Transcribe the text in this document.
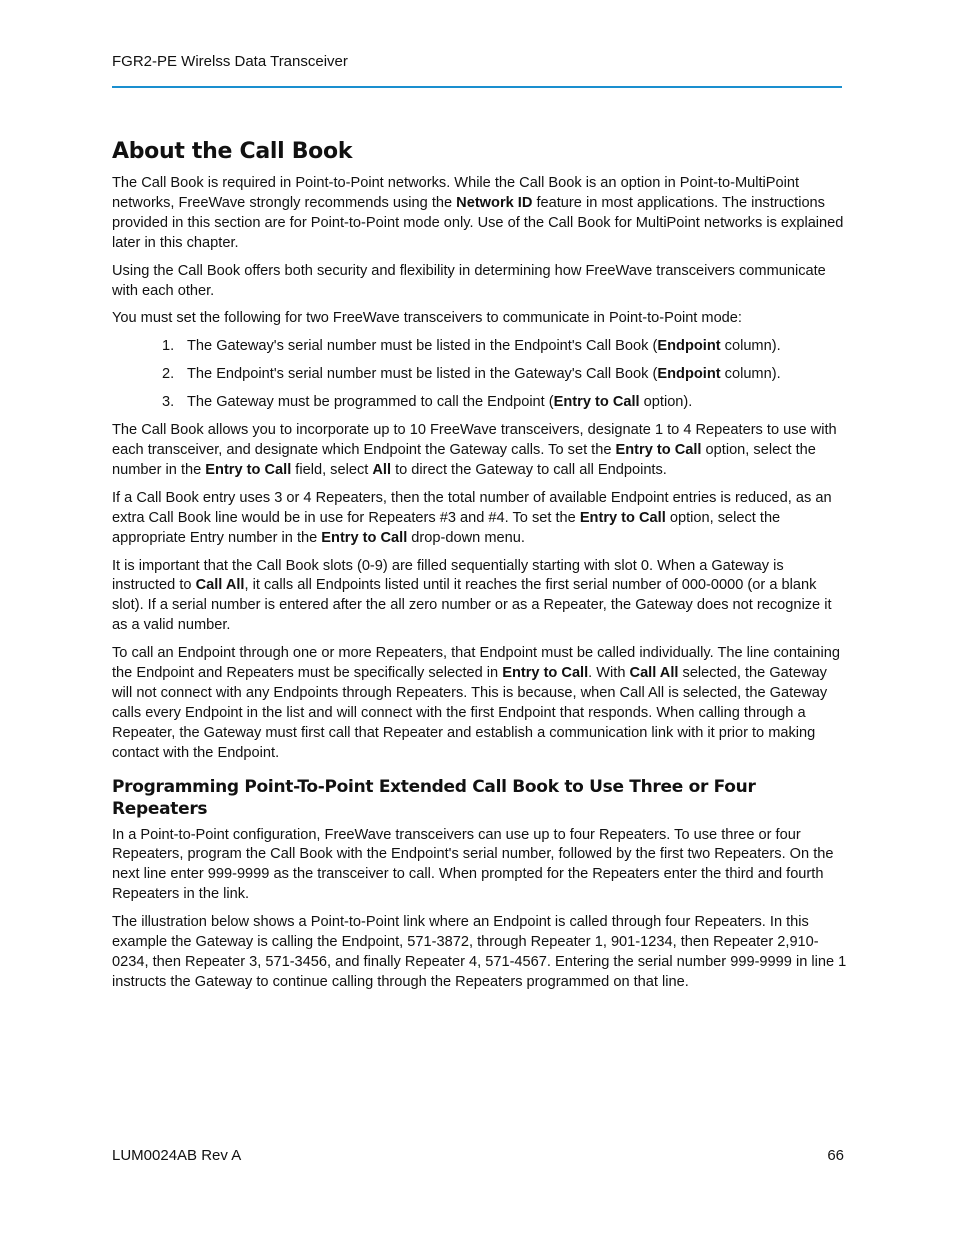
FGR2-PE Wirelss Data Transceiver
About the Call Book

The Call Book is required in Point-to-Point networks. While the Call Book is an option in Point-to-MultiPoint networks, FreeWave strongly recommends using the Network ID feature in most applications. The instructions provided in this section are for Point-to-Point mode only. Use of the Call Book for MultiPoint networks is explained later in this chapter.

Using the Call Book offers both security and flexibility in determining how FreeWave transceivers communicate with each other.

You must set the following for two FreeWave transceivers to communicate in Point-to-Point mode:

1. The Gateway's serial number must be listed in the Endpoint's Call Book (Endpoint column).
2. The Endpoint's serial number must be listed in the Gateway's Call Book (Endpoint column).
3. The Gateway must be programmed to call the Endpoint (Entry to Call option).

The Call Book allows you to incorporate up to 10 FreeWave transceivers, designate 1 to 4 Repeaters to use with each transceiver, and designate which Endpoint the Gateway calls. To set the Entry to Call option, select the number in the Entry to Call field, select All to direct the Gateway to call all Endpoints.

If a Call Book entry uses 3 or 4 Repeaters, then the total number of available Endpoint entries is reduced, as an extra Call Book line would be in use for Repeaters #3 and #4. To set the Entry to Call option, select the appropriate Entry number in the Entry to Call drop-down menu.

It is important that the Call Book slots (0-9) are filled sequentially starting with slot 0. When a Gateway is instructed to Call All, it calls all Endpoints listed until it reaches the first serial number of 000-0000 (or a blank slot). If a serial number is entered after the all zero number or as a Repeater, the Gateway does not recognize it as a valid number.

To call an Endpoint through one or more Repeaters, that Endpoint must be called individually. The line containing the Endpoint and Repeaters must be specifically selected in Entry to Call. With Call All selected, the Gateway will not connect with any Endpoints through Repeaters. This is because, when Call All is selected, the Gateway calls every Endpoint in the list and will connect with the first Endpoint that responds. When calling through a Repeater, the Gateway must first call that Repeater and establish a communication link with it prior to making contact with the Endpoint.

Programming Point-To-Point Extended Call Book to Use Three or Four Repeaters

In a Point-to-Point configuration, FreeWave transceivers can use up to four Repeaters. To use three or four Repeaters, program the Call Book with the Endpoint's serial number, followed by the first two Repeaters. On the next line enter 999-9999 as the transceiver to call. When prompted for the Repeaters enter the third and fourth Repeaters in the link.

The illustration below shows a Point-to-Point link where an Endpoint is called through four Repeaters. In this example the Gateway is calling the Endpoint, 571-3872, through Repeater 1, 901-1234, then Repeater 2,910-0234, then Repeater 3, 571-3456, and finally Repeater 4, 571-4567. Entering the serial number 999-9999 in line 1 instructs the Gateway to continue calling through the Repeaters programmed on that line.

LUM0024AB Rev A	66
